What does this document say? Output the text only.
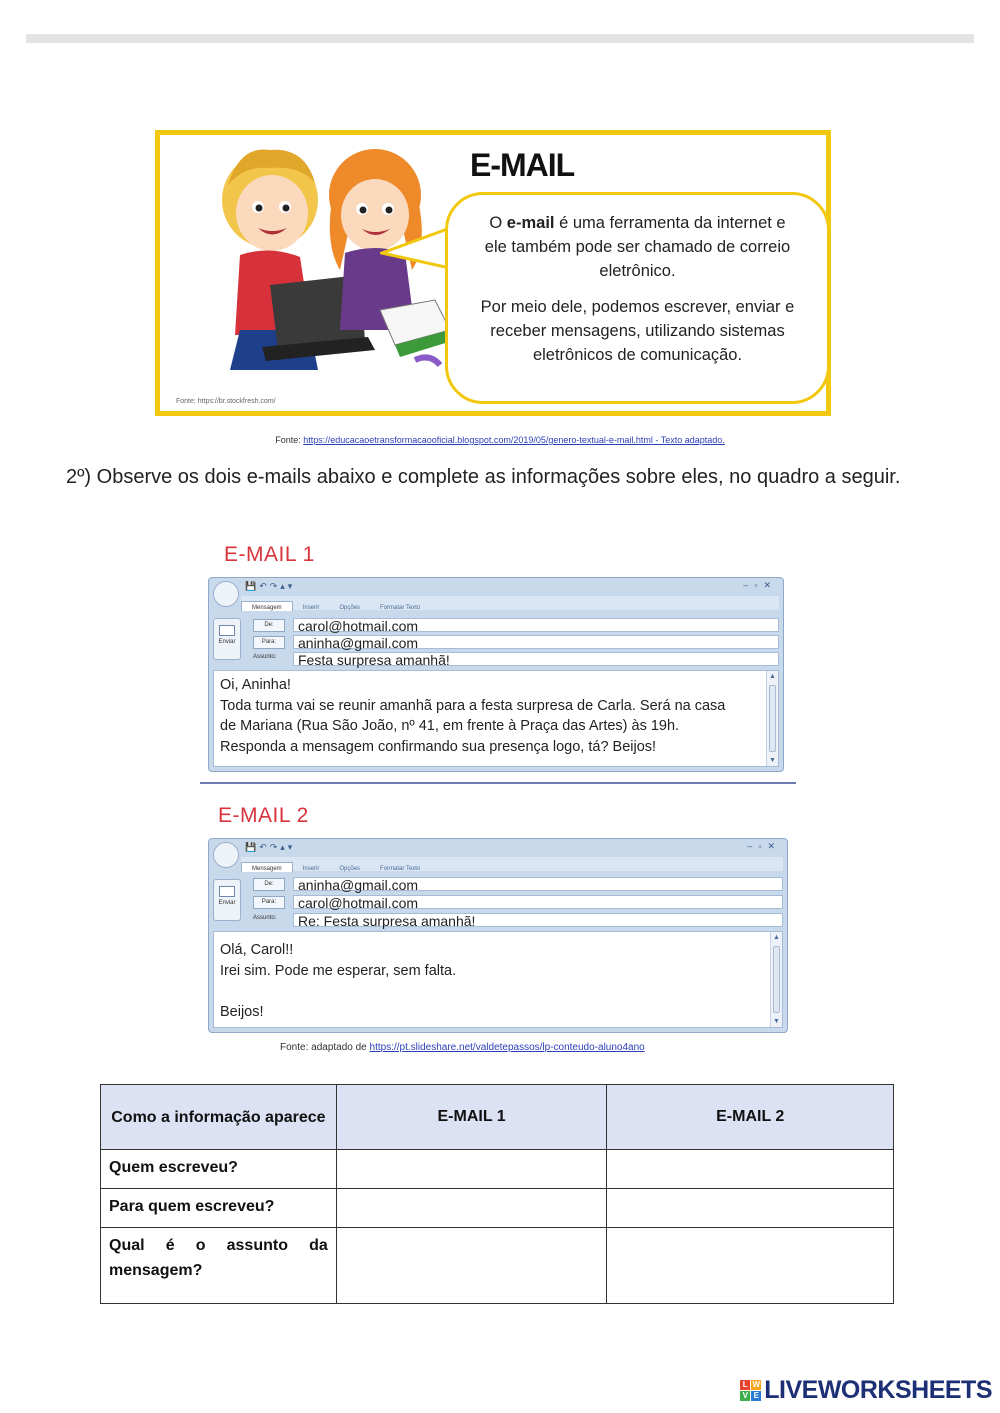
E-MAIL

O e-mail é uma ferramenta da internet e ele também pode ser chamado de correio eletrônico.

Por meio dele, podemos escrever, enviar e receber mensagens, utilizando sistemas eletrônicos de comunicação.

Fonte: https://br.stockfresh.com/
Fonte: https://educacaoetransformacaooficial.blogspot.com/2019/05/genero-textual-e-mail.html - Texto adaptado.
2º) Observe os dois e-mails abaixo e complete as informações sobre eles, no quadro a seguir.
E-MAIL 1
💾↶↷▴▾	–▫✕
Mensagem	Inserir	Opções	Formatar Texto
Enviar
De:	carol@hotmail.com
Para:	aninha@gmail.com
Assunto:	Festa surpresa amanhã!
Oi, Aninha!
Toda turma vai se reunir amanhã para a festa surpresa de Carla. Será na casa
de Mariana (Rua São João, nº 41, em frente à Praça das Artes) às 19h.
Responda a mensagem confirmando sua presença logo, tá? Beijos!
▲
▼
E-MAIL 2
💾↶↷▴▾	–▫✕
Mensagem	Inserir	Opções	Formatar Texto
Enviar
De:	aninha@gmail.com
Para:	carol@hotmail.com
Assunto:	Re: Festa surpresa amanhã!
Olá, Carol!!
Irei sim. Pode me esperar, sem falta.
Beijos!
▲
▼
Fonte: adaptado de https://pt.slideshare.net/valdetepassos/lp-conteudo-aluno4ano
Como a informação aparece	E-MAIL 1	E-MAIL 2
Quem escreveu?		
Para quem escreveu?		
Qual é o assunto da mensagem?		
L W
V E LIVEWORKSHEETS
